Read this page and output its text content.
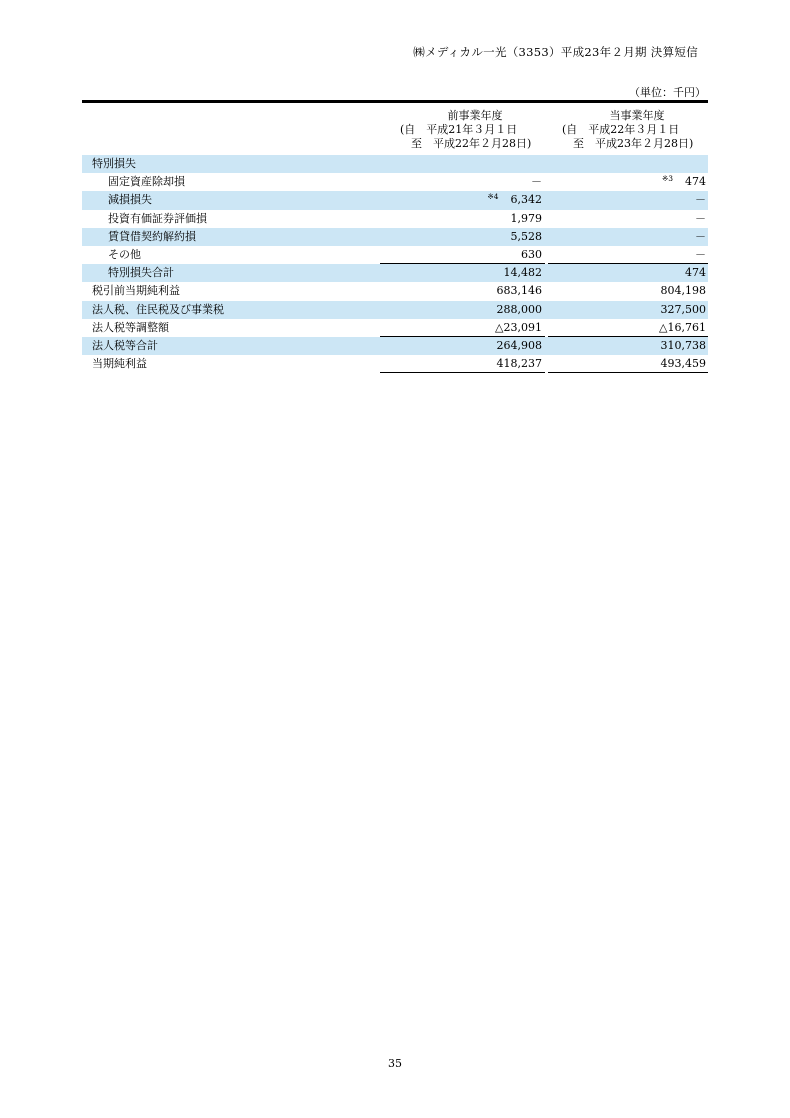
㈱メディカル一光（3353）平成23年２月期 決算短信
（単位：千円）
前事業年度
(自　平成21年３月１日
至　平成22年２月28日)
当事業年度
(自　平成22年３月１日
至　平成23年２月28日)
特別損失
固定資産除却損	－	$^{※3}$ 474
減損損失	$^{※4}$ 6,342	－
投資有価証券評価損	1,979	－
賃貸借契約解約損	5,528	－
その他	630	－
特別損失合計	14,482	474
税引前当期純利益	683,146	804,198
法人税、住民税及び事業税	288,000	327,500
法人税等調整額	△23,091	△16,761
法人税等合計	264,908	310,738
当期純利益	418,237	493,459
35
